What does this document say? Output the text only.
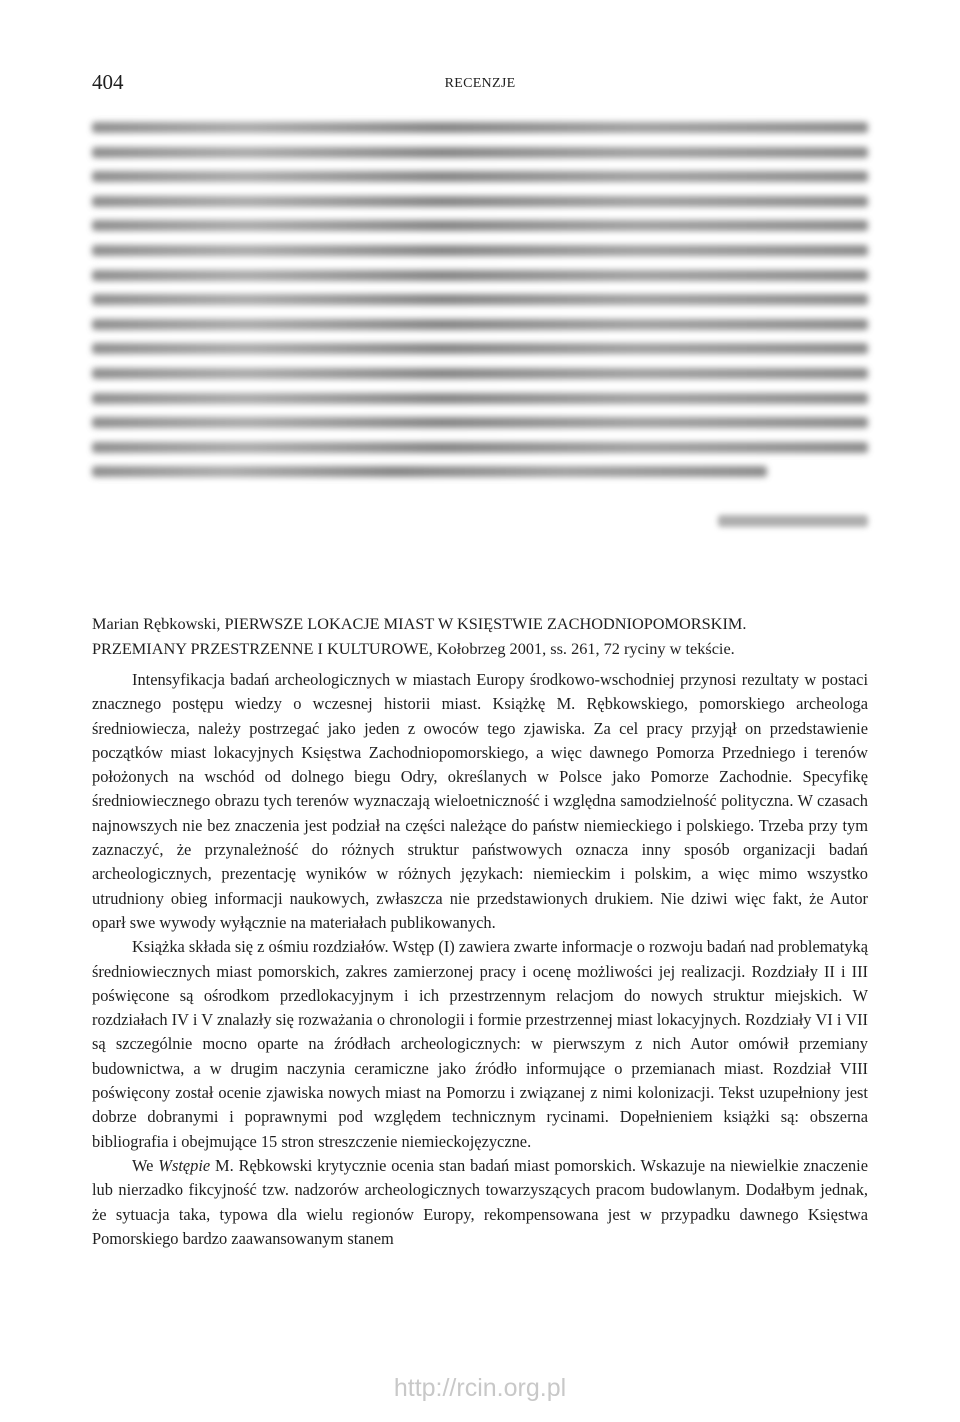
404	RECENZJE
Marian Rębkowski, PIERWSZE LOKACJE MIAST W KSIĘSTWIE ZACHODNIOPOMORSKIM.
PRZEMIANY PRZESTRZENNE I KULTUROWE, Kołobrzeg 2001, ss. 261, 72 ryciny w tekście.

Intensyfikacja badań archeologicznych w miastach Europy środkowo-wschodniej przynosi rezultaty w postaci znacznego postępu wiedzy o wczesnej historii miast. Książkę M. Rębkowskiego, pomorskiego archeologa średniowiecza, należy postrzegać jako jeden z owoców tego zjawiska. Za cel pracy przyjął on przedstawienie początków miast lokacyjnych Księstwa Zachodniopomorskiego, a więc dawnego Pomorza Przedniego i terenów położonych na wschód od dolnego biegu Odry, określanych w Polsce jako Pomorze Zachodnie. Specyfikę średniowiecznego obrazu tych terenów wyznaczają wieloetniczność i względna samodzielność polityczna. W czasach najnowszych nie bez znaczenia jest podział na części należące do państw niemieckiego i polskiego. Trzeba przy tym zaznaczyć, że przynależność do różnych struktur państwowych oznacza inny sposób organizacji badań archeologicznych, prezentację wyników w różnych językach: niemieckim i polskim, a więc mimo wszystko utrudniony obieg informacji naukowych, zwłaszcza nie przedstawionych drukiem. Nie dziwi więc fakt, że Autor oparł swe wywody wyłącznie na materiałach publikowanych.

Książka składa się z ośmiu rozdziałów. Wstęp (I) zawiera zwarte informacje o rozwoju badań nad problematyką średniowiecznych miast pomorskich, zakres zamierzonej pracy i ocenę możliwości jej realizacji. Rozdziały II i III poświęcone są ośrodkom przedlokacyjnym i ich przestrzennym relacjom do nowych struktur miejskich. W rozdziałach IV i V znalazły się rozważania o chronologii i formie przestrzennej miast lokacyjnych. Rozdziały VI i VII są szczególnie mocno oparte na źródłach archeologicznych: w pierwszym z nich Autor omówił przemiany budownictwa, a w drugim naczynia ceramiczne jako źródło informujące o przemianach miast. Rozdział VIII poświęcony został ocenie zjawiska nowych miast na Pomorzu i związanej z nimi kolonizacji. Tekst uzupełniony jest dobrze dobranymi i poprawnymi pod względem technicznym rycinami. Dopełnieniem książki są: obszerna bibliografia i obejmujące 15 stron streszczenie niemieckojęzyczne.

We Wstępie M. Rębkowski krytycznie ocenia stan badań miast pomorskich. Wskazuje na niewielkie znaczenie lub nierzadko fikcyjność tzw. nadzorów archeologicznych towarzyszących pracom budowlanym. Dodałbym jednak, że sytuacja taka, typowa dla wielu regionów Europy, rekompensowana jest w przypadku dawnego Księstwa Pomorskiego bardzo zaawansowanym stanem

http://rcin.org.pl
